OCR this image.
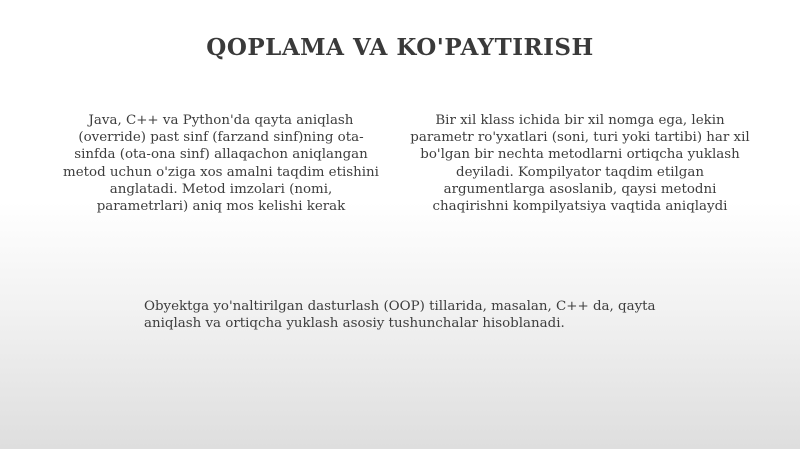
QOPLAMA VA KO'PAYTIRISH

Java, C++ va Python'da qayta aniqlash (override) past sinf (farzand sinf)ning ota-sinfda (ota-ona sinf) allaqachon aniqlangan metod uchun o'ziga xos amalni taqdim etishini anglatadi. Metod imzolari (nomi, parametrlari) aniq mos kelishi kerak

Bir xil klass ichida bir xil nomga ega, lekin parametr ro'yxatlari (soni, turi yoki tartibi) har xil bo'lgan bir nechta metodlarni ortiqcha yuklash deyiladi. Kompilyator taqdim etilgan argumentlarga asoslanib, qaysi metodni chaqirishni kompilyatsiya vaqtida aniqlaydi

Obyektga yo'naltirilgan dasturlash (OOP) tillarida, masalan, C++ da, qayta aniqlash va ortiqcha yuklash asosiy tushunchalar hisoblanadi.
